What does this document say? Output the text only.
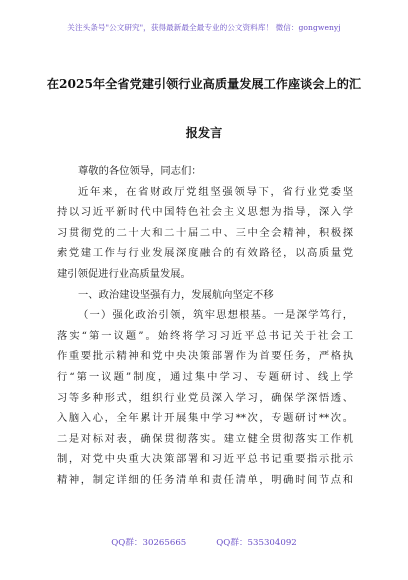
关注头条号"公文研究"，获得最新最全最专业的公文资料库！ 微信：gongwenyj
在2025年全省党建引领行业高质量发展工作座谈会上的汇
报发言
尊敬的各位领导，同志们：
近年来，在省财政厅党组坚强领导下，省行业党委坚
持以习近平新时代中国特色社会主义思想为指导，深入学
习贯彻党的二十大和二十届二中、三中全会精神，积极探
索党建工作与行业发展深度融合的有效路径，以高质量党
建引领促进行业高质量发展。
一、政治建设坚强有力，发展航向坚定不移
（一）强化政治引领，筑牢思想根基。一是深学笃行，
落实“第一议题”。始终将学习习近平总书记关于社会工
作重要批示精神和党中央决策部署作为首要任务，严格执
行“第一议题”制度，通过集中学习、专题研讨、线上学
习等多种形式，组织行业党员深入学习，确保学深悟透、
入脑入心，全年累计开展集中学习**次，专题研讨**次。
二是对标对表，确保贯彻落实。建立健全贯彻落实工作机
制，对党中央重大决策部署和习近平总书记重要指示批示
精神，制定详细的任务清单和责任清单，明确时间节点和
QQ群：30265665	QQ群：535304092
